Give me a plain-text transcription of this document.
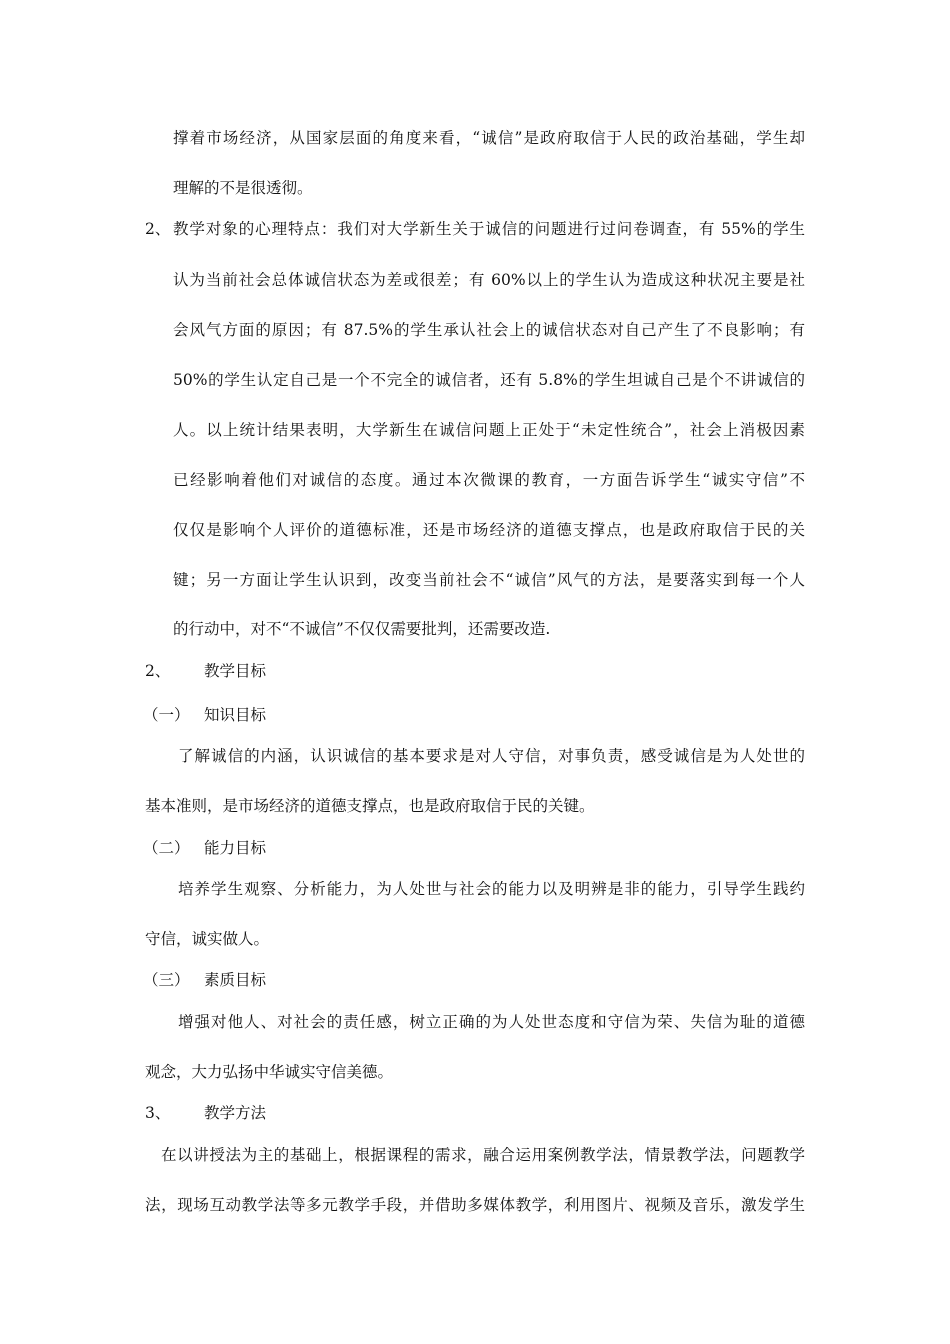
撑着市场经济，从国家层面的角度来看，“诚信”是政府取信于人民的政治基础，学生却
理解的不是很透彻。
2、 教学对象的心理特点：我们对大学新生关于诚信的问题进行过问卷调查，有 55%的学生
认为当前社会总体诚信状态为差或很差；有 60%以上的学生认为造成这种状况主要是社
会风气方面的原因；有 87.5%的学生承认社会上的诚信状态对自己产生了不良影响；有
50%的学生认定自己是一个不完全的诚信者，还有 5.8%的学生坦诚自己是个不讲诚信的
人。以上统计结果表明，大学新生在诚信问题上正处于“未定性统合”，社会上消极因素
已经影响着他们对诚信的态度。通过本次微课的教育，一方面告诉学生“诚实守信”不
仅仅是影响个人评价的道德标准，还是市场经济的道德支撑点，也是政府取信于民的关
键；另一方面让学生认识到，改变当前社会不“诚信”风气的方法，是要落实到每一个人
的行动中，对不“不诚信”不仅仅需要批判，还需要改造.
2、 教学目标
（一） 知识目标
了解诚信的内涵，认识诚信的基本要求是对人守信，对事负责，感受诚信是为人处世的
基本准则，是市场经济的道德支撑点，也是政府取信于民的关键。
（二） 能力目标
培养学生观察、分析能力，为人处世与社会的能力以及明辨是非的能力，引导学生践约
守信，诚实做人。
（三） 素质目标
增强对他人、对社会的责任感，树立正确的为人处世态度和守信为荣、失信为耻的道德
观念，大力弘扬中华诚实守信美德。
3、 教学方法
在以讲授法为主的基础上，根据课程的需求，融合运用案例教学法，情景教学法，问题教学
法，现场互动教学法等多元教学手段，并借助多媒体教学，利用图片、视频及音乐，激发学生
